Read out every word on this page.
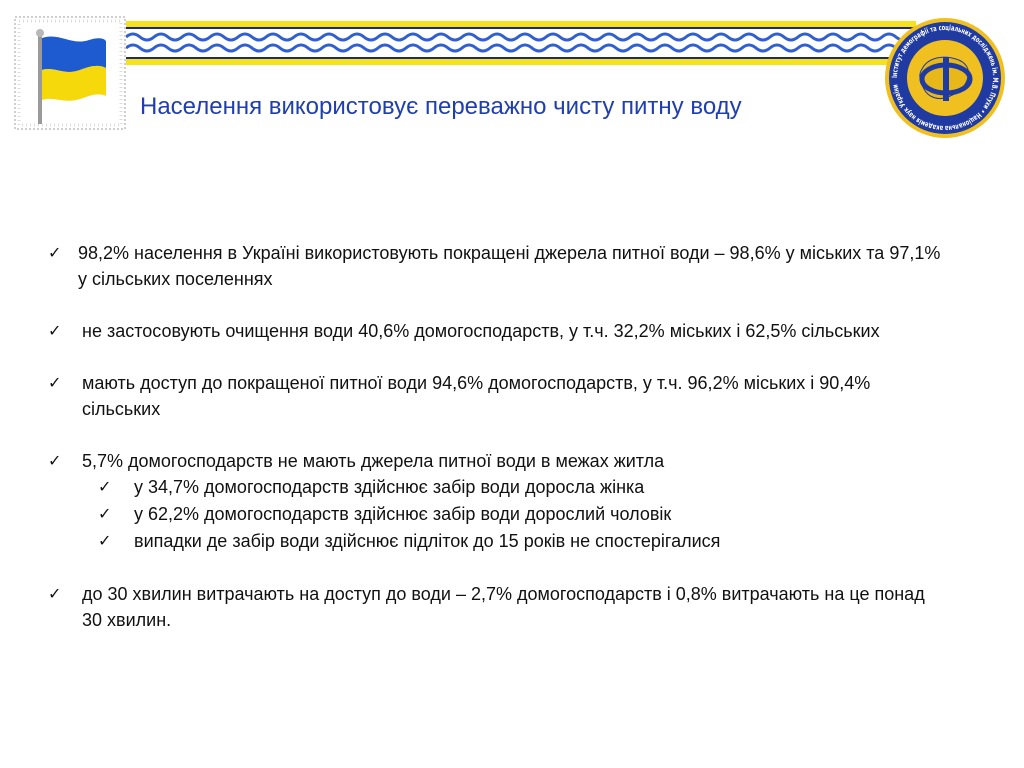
Інститут демографії та соціальних досліджень ім. М.В. Птухи • Національна академія наук України
Населення використовує переважно чисту питну воду
✓ 98,2% населення в Україні використовують покращені джерела питної води – 98,6% у міських та 97,1% у сільських поселеннях
✓ не застосовують очищення води 40,6% домогосподарств, у т.ч. 32,2% міських і 62,5% сільських
✓ мають доступ до покращеної питної води 94,6% домогосподарств, у т.ч. 96,2% міських і 90,4% сільських
✓ 5,7% домогосподарств не мають джерела питної води в межах житла
✓ у 34,7% домогосподарств здійснює забір води доросла жінка
✓ у 62,2% домогосподарств здійснює забір води дорослий чоловік
✓ випадки де забір води здійснює підліток до 15 років не спостерігалися
✓ до 30 хвилин витрачають на доступ до води – 2,7% домогосподарств і 0,8% витрачають на це понад 30 хвилин.
